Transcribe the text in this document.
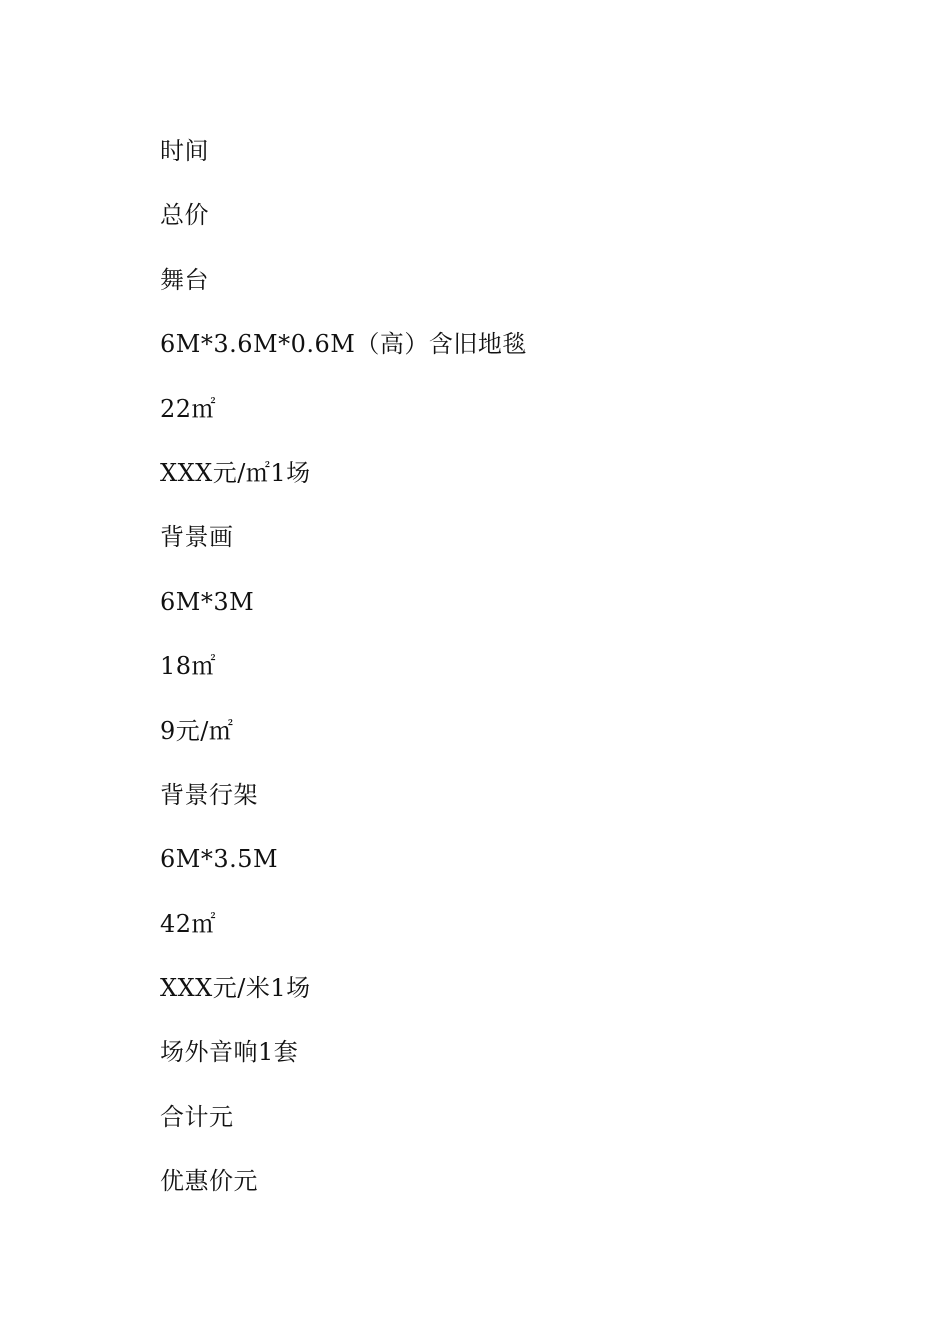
时间
总价
舞台
6M*3.6M*0.6M（高）含旧地毯
22㎡
XXX元/㎡1场
背景画
6M*3M
18㎡
9元/㎡
背景行架
6M*3.5M
42㎡
XXX元/米1场
场外音响1套
合计元
优惠价元
